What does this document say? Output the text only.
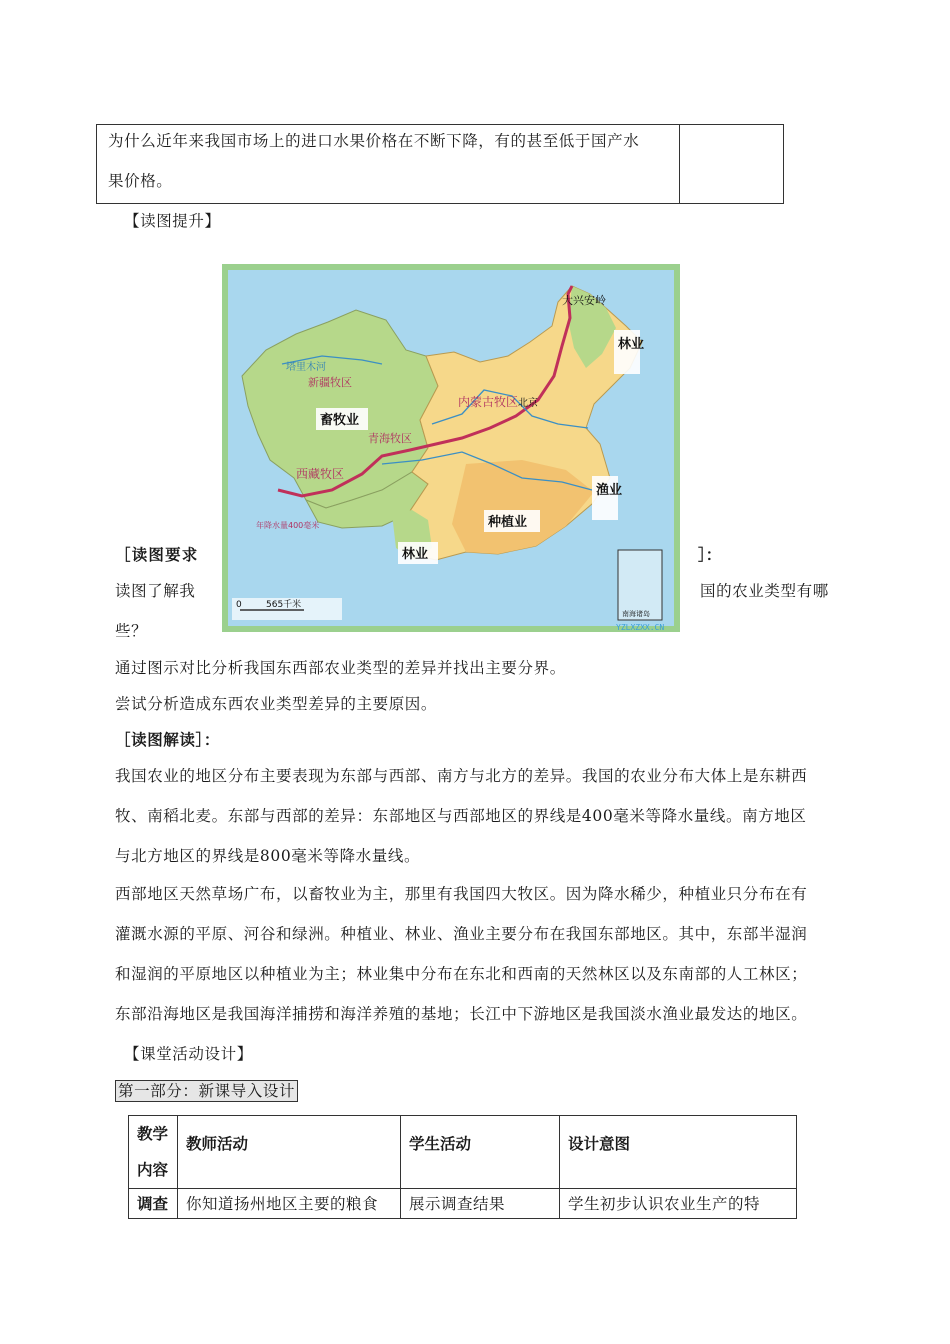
为什么近年来我国市场上的进口水果价格在不断下降，有的甚至低于国产水

果价格。

【读图提升】
塔里木河
新疆牧区
畜牧业
青海牧区
西藏牧区
内蒙古牧区
大兴安岭
林业
渔业
种植业
林业
北京
年降水量400毫米
0	565千米
南海诸岛
YZLXZXX.CN
［读图要求	］：
读图了解我	国的农业类型有哪
些？
通过图示对比分析我国东西部农业类型的差异并找出主要分界。
尝试分析造成东西农业类型差异的主要原因。
［读图解读］：
我国农业的地区分布主要表现为东部与西部、南方与北方的差异。我国的农业分布大体上是东耕西
牧、南稻北麦。东部与西部的差异：东部地区与西部地区的界线是400毫米等降水量线。南方地区
与北方地区的界线是800毫米等降水量线。
西部地区天然草场广布，以畜牧业为主，那里有我国四大牧区。因为降水稀少，种植业只分布在有
灌溉水源的平原、河谷和绿洲。种植业、林业、渔业主要分布在我国东部地区。其中，东部半湿润
和湿润的平原地区以种植业为主；林业集中分布在东北和西南的天然林区以及东南部的人工林区；
东部沿海地区是我国海洋捕捞和海洋养殖的基地；长江中下游地区是我国淡水渔业最发达的地区。
【课堂活动设计】
第一部分：新课导入设计
教学
内容	教师活动	学生活动	设计意图
调查	你知道扬州地区主要的粮食	展示调查结果	学生初步认识农业生产的特
